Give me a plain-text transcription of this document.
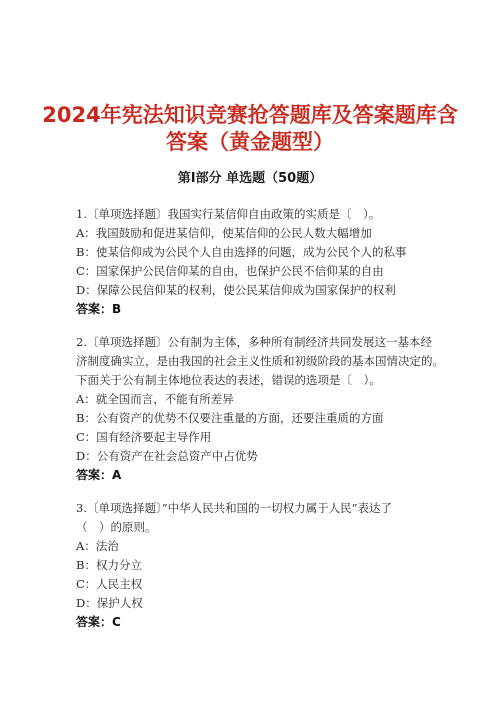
2024年宪法知识竞赛抢答题库及答案题库含
答案（黄金题型）
第Ⅰ部分 单选题（50题）
1.〔单项选择题〕我国实行某信仰自由政策的实质是〔　）。
A：我国鼓励和促进某信仰，使某信仰的公民人数大幅增加
B：使某信仰成为公民个人自由选择的问题，成为公民个人的私事
C：国家保护公民信仰某的自由，也保护公民不信仰某的自由
D：保障公民信仰某的权利，使公民某信仰成为国家保护的权利
答案：B
2.〔单项选择题〕公有制为主体，多种所有制经济共同发展这一基本经
济制度确实立，是由我国的社会主义性质和初级阶段的基本国情决定的。
下面关于公有制主体地位表达的表述，错误的选项是〔　）。
A：就全国而言，不能有所差异
B：公有资产的优势不仅要注重量的方面，还要注重质的方面
C：国有经济要起主导作用
D：公有资产在社会总资产中占优势
答案：A
3.〔单项选择题〕”中华人民共和国的一切权力属于人民”表达了
（　）的原则。
A：法治
B：权力分立
C：人民主权
D：保护人权
答案：C
